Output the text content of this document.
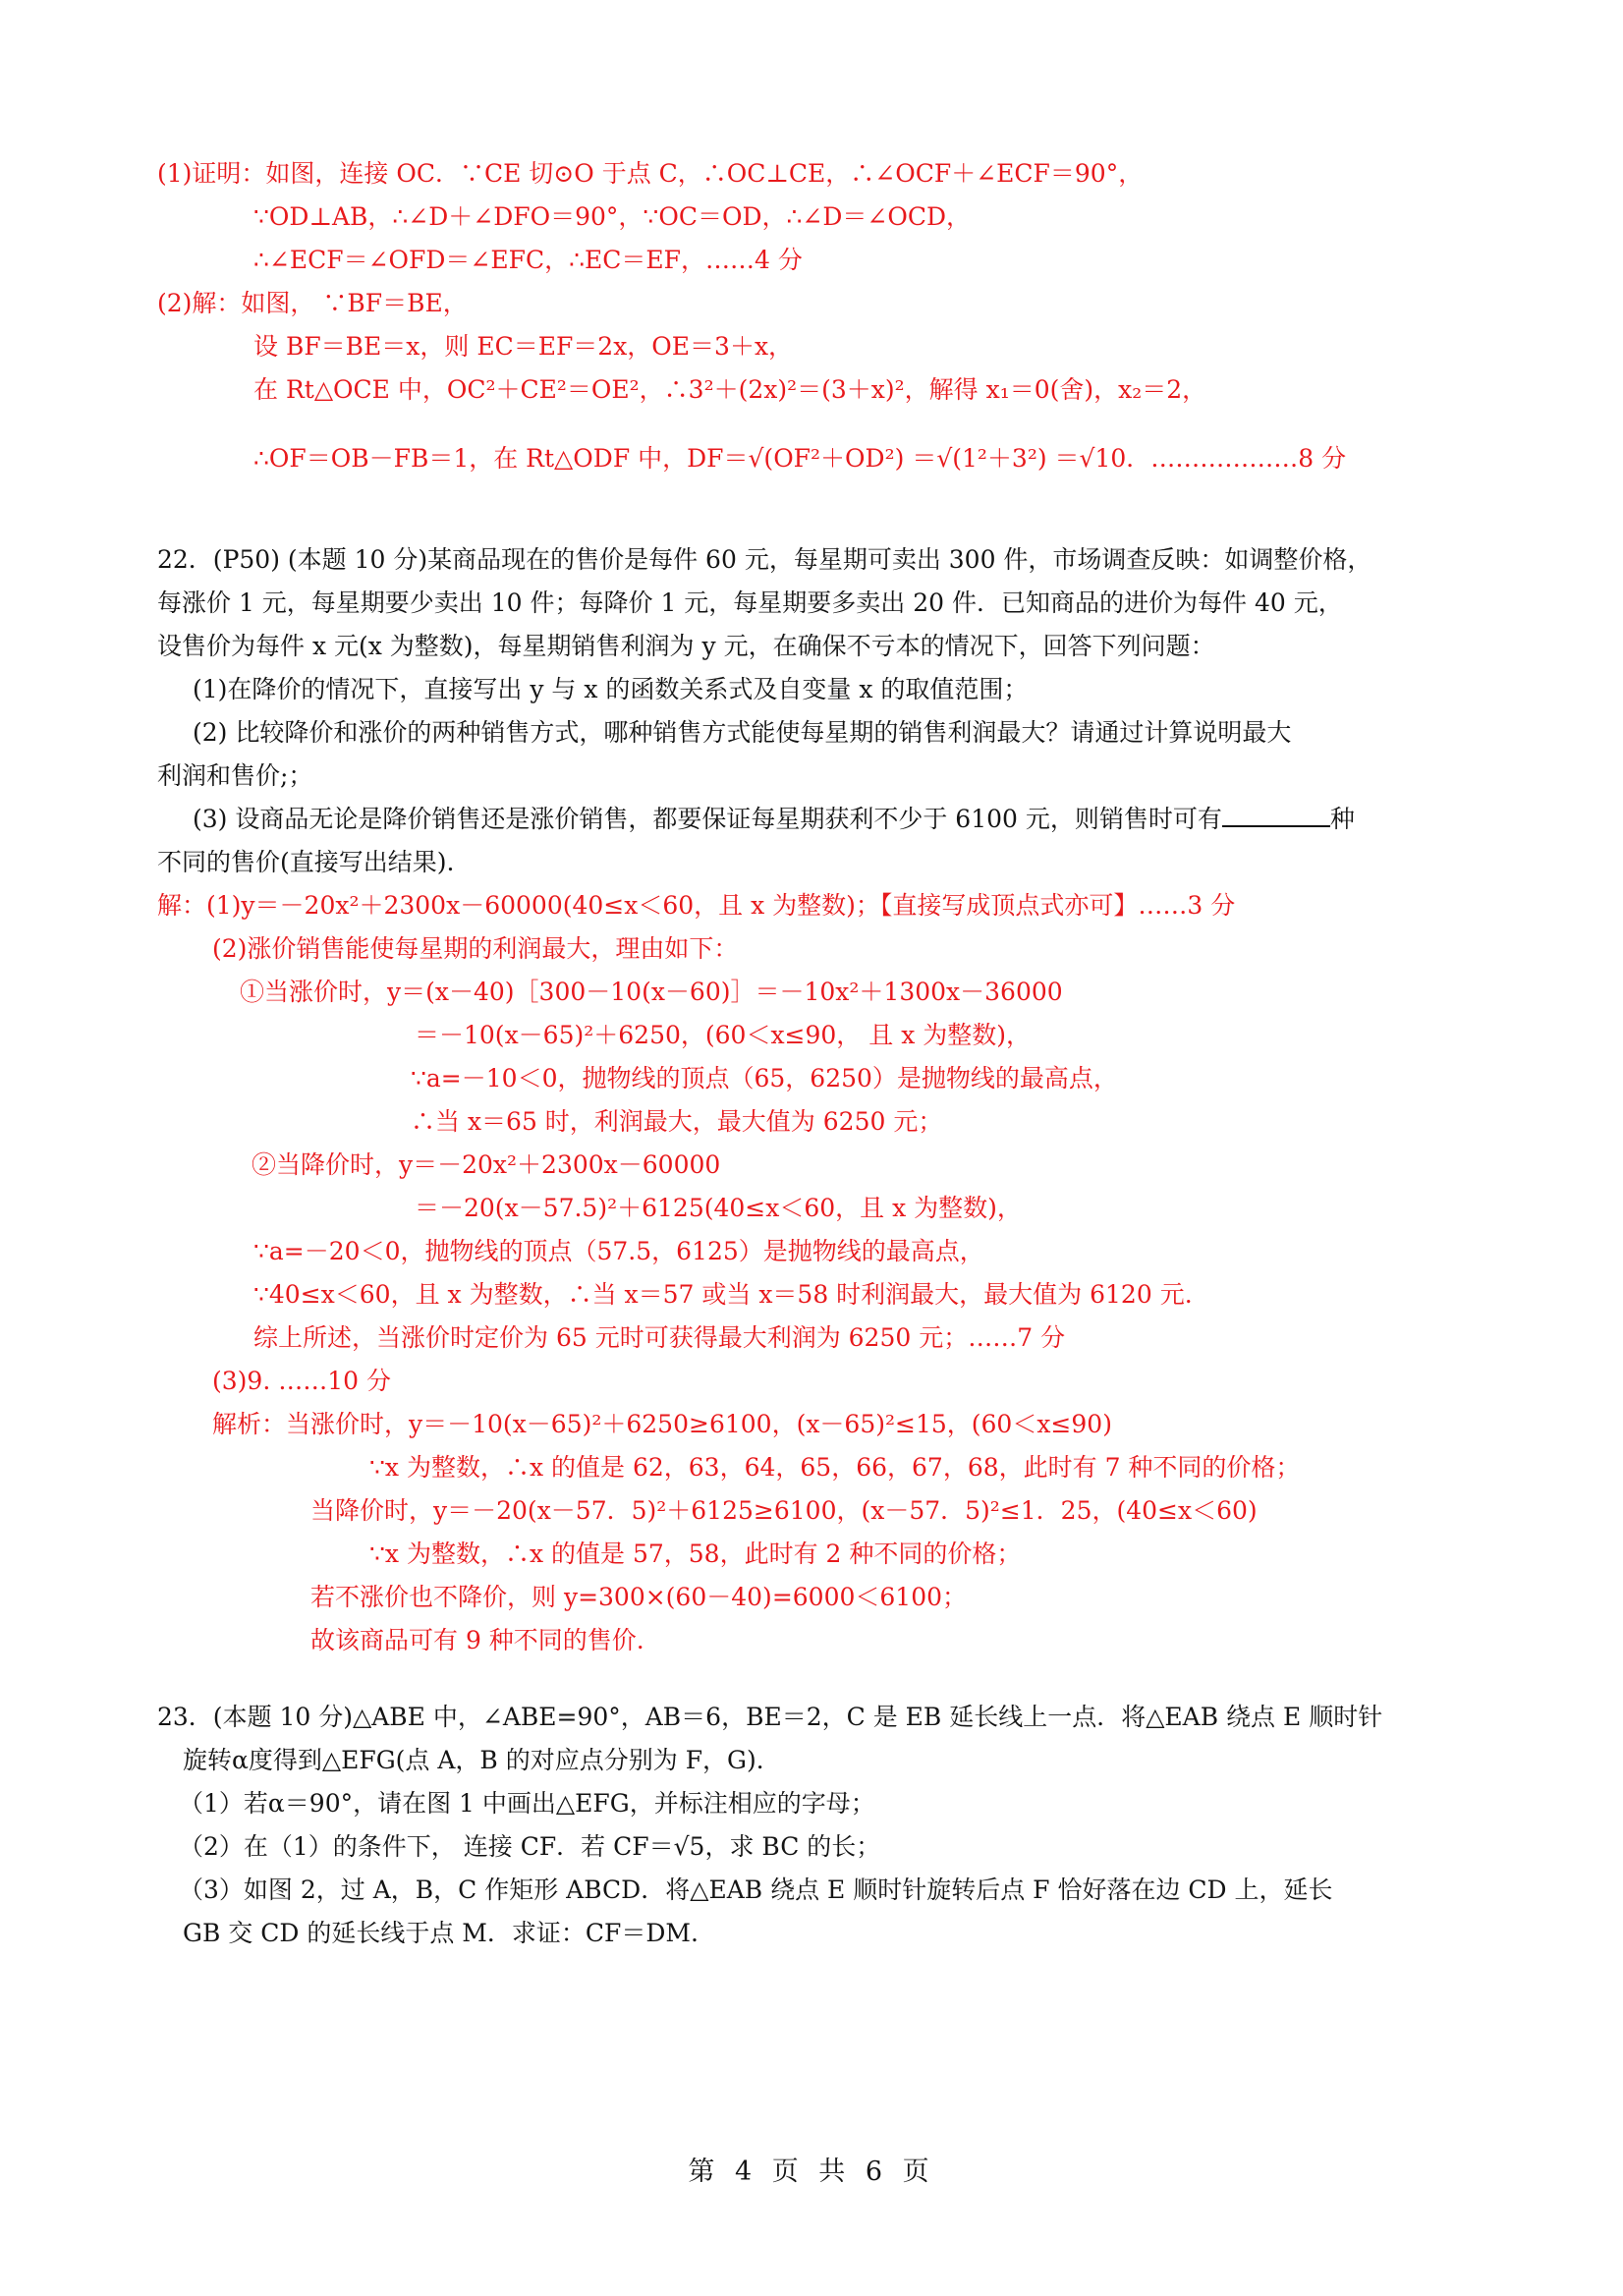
(1)证明：如图，连接 OC．∵CE 切⊙O 于点 C，∴OC⊥CE，∴∠OCF＋∠ECF＝90°，
∵OD⊥AB，∴∠D＋∠DFO＝90°，∵OC＝OD，∴∠D＝∠OCD，
∴∠ECF＝∠OFD＝∠EFC，∴EC＝EF，……4 分
(2)解：如图， ∵BF＝BE，
设 BF＝BE＝x，则 EC＝EF＝2x，OE＝3＋x，
在 Rt△OCE 中，OC²＋CE²＝OE²，∴3²＋(2x)²＝(3＋x)²，解得 x₁＝0(舍)，x₂＝2，
∴OF＝OB－FB＝1，在 Rt△ODF 中，DF＝√(OF²＋OD²) ＝√(1²＋3²) ＝√10．………………8 分
22．(P50) (本题 10 分)某商品现在的售价是每件 60 元，每星期可卖出 300 件，市场调查反映：如调整价格，
每涨价 1 元，每星期要少卖出 10 件；每降价 1 元，每星期要多卖出 20 件．已知商品的进价为每件 40 元，
设售价为每件 x 元(x 为整数)，每星期销售利润为 y 元，在确保不亏本的情况下，回答下列问题：
(1)在降价的情况下，直接写出 y 与 x 的函数关系式及自变量 x 的取值范围；
(2) 比较降价和涨价的两种销售方式，哪种销售方式能使每星期的销售利润最大？请通过计算说明最大
利润和售价;；
(3) 设商品无论是降价销售还是涨价销售，都要保证每星期获利不少于 6100 元，则销售时可有	种
不同的售价(直接写出结果).
解：(1)y＝－20x²＋2300x－60000(40≤x＜60，且 x 为整数)；【直接写成顶点式亦可】……3 分
(2)涨价销售能使每星期的利润最大，理由如下：
①当涨价时，y＝(x－40)［300－10(x－60)］＝－10x²＋1300x－36000
＝－10(x－65)²＋6250，(60＜x≤90， 且 x 为整数)，
∵a=－10＜0，抛物线的顶点（65，6250）是抛物线的最高点，
∴当 x＝65 时，利润最大，最大值为 6250 元；
②当降价时，y＝－20x²＋2300x－60000
＝－20(x－57.5)²＋6125(40≤x＜60，且 x 为整数)，
∵a=－20＜0，抛物线的顶点（57.5，6125）是抛物线的最高点，
∵40≤x＜60，且 x 为整数，∴当 x＝57 或当 x＝58 时利润最大，最大值为 6120 元.
综上所述，当涨价时定价为 65 元时可获得最大利润为 6250 元；……7 分
(3)9. ……10 分
解析：当涨价时，y＝－10(x－65)²＋6250≥6100，(x－65)²≤15，(60＜x≤90)
∵x 为整数，∴x 的值是 62，63，64，65，66，67，68，此时有 7 种不同的价格；
当降价时，y＝－20(x－57．5)²＋6125≥6100，(x－57．5)²≤1．25，(40≤x＜60)
∵x 为整数，∴x 的值是 57，58，此时有 2 种不同的价格；
若不涨价也不降价，则 y=300×(60－40)=6000＜6100；
故该商品可有 9 种不同的售价.
23．(本题 10 分)△ABE 中，∠ABE=90°，AB＝6，BE＝2，C 是 EB 延长线上一点．将△EAB 绕点 E 顺时针
旋转α度得到△EFG(点 A，B 的对应点分别为 F，G)．
（1）若α＝90°，请在图 1 中画出△EFG，并标注相应的字母；
（2）在（1）的条件下， 连接 CF．若 CF＝√5，求 BC 的长；
（3）如图 2，过 A，B，C 作矩形 ABCD．将△EAB 绕点 E 顺时针旋转后点 F 恰好落在边 CD 上，延长
GB 交 CD 的延长线于点 M．求证：CF＝DM.
第 4 页 共 6 页
